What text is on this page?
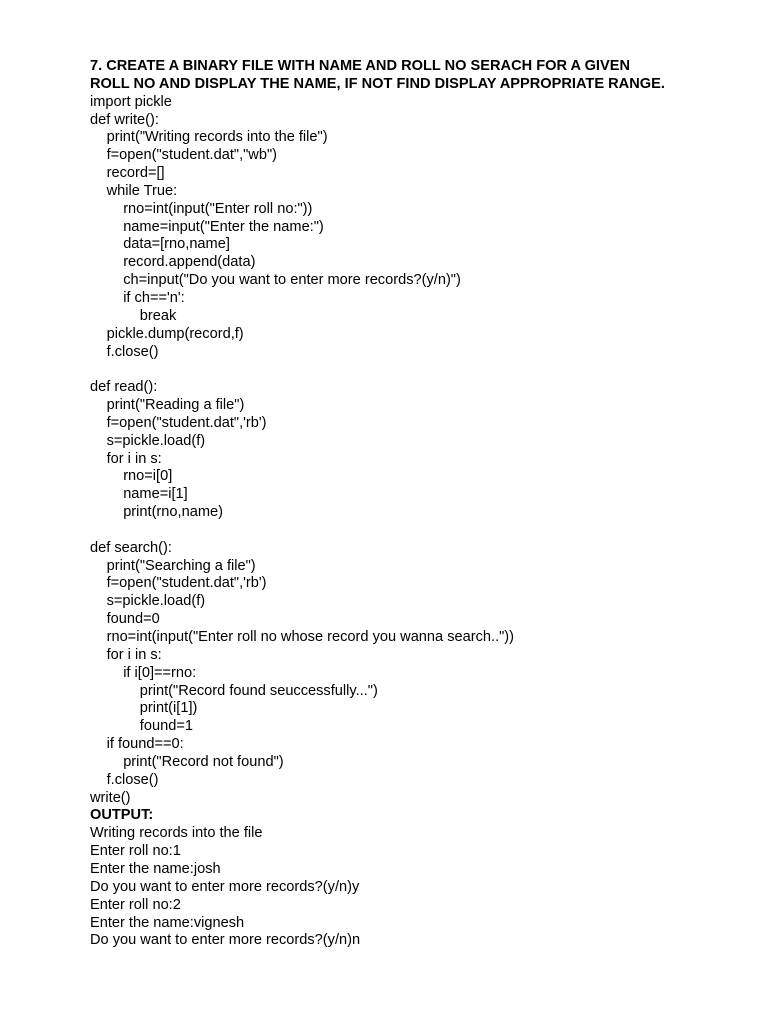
7. CREATE A BINARY FILE WITH NAME AND ROLL NO SERACH FOR A GIVEN ROLL NO AND DISPLAY THE NAME, IF NOT FIND DISPLAY APPROPRIATE RANGE.

import pickle
def write():
print("Writing records into the file")
f=open("student.dat","wb")
record=[]
while True:
rno=int(input("Enter roll no:"))
name=input("Enter the name:")
data=[rno,name]
record.append(data)
ch=input("Do you want to enter more records?(y/n)")
if ch=='n':
break
pickle.dump(record,f)
f.close()
def read():
print("Reading a file")
f=open("student.dat",'rb')
s=pickle.load(f)
for i in s:
rno=i[0]
name=i[1]
print(rno,name)
def search():
print("Searching a file")
f=open("student.dat",'rb')
s=pickle.load(f)
found=0
rno=int(input("Enter roll no whose record you wanna search.."))
for i in s:
if i[0]==rno:
print("Record found seuccessfully...")
print(i[1])
found=1
if found==0:
print("Record not found")
f.close()
write()
OUTPUT:
Writing records into the file
Enter roll no:1
Enter the name:josh
Do you want to enter more records?(y/n)y
Enter roll no:2
Enter the name:vignesh
Do you want to enter more records?(y/n)n
